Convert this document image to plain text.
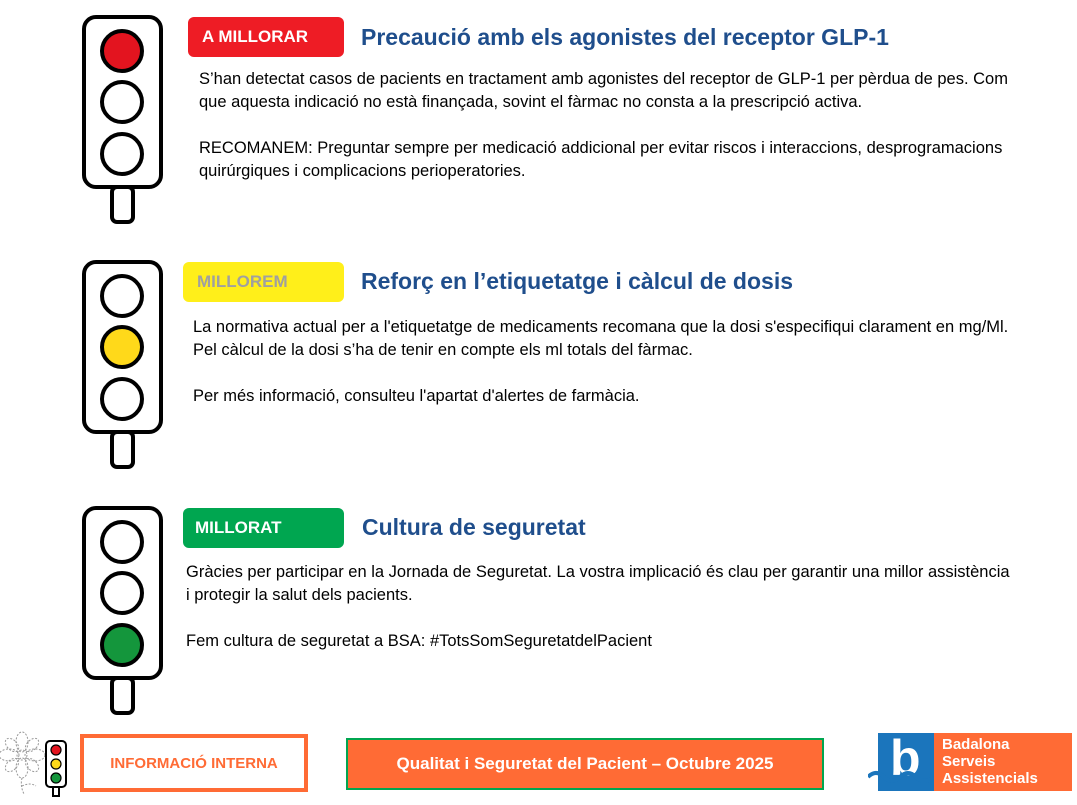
A MILLORAR	Precaució amb els agonistes del receptor GLP-1

S’han detectat casos de pacients en tractament amb agonistes del receptor de GLP-1 per pèrdua de pes. Com que aquesta indicació no està finançada, sovint el fàrmac no consta a la prescripció activa.

RECOMANEM: Preguntar sempre per medicació addicional per evitar riscos i interaccions, desprogramacions quirúrgiques i complicacions perioperatories.

MILLOREM	Reforç en l’etiquetatge i càlcul de dosis

La normativa actual per a l'etiquetatge de medicaments recomana que la dosi s'especifiqui clarament en mg/Ml. Pel càlcul de la dosi s’ha de tenir en compte els ml totals del fàrmac.

Per més informació, consulteu l'apartat d'alertes de farmàcia.

MILLORAT	Cultura de seguretat

Gràcies per participar en la Jornada de Seguretat. La vostra implicació és clau per garantir una millor assistència i protegir la salut dels pacients.

Fem cultura de seguretat a BSA: #TotsSomSeguretatdelPacient

INFORMACIÓ INTERNA	Qualitat i Seguretat del Pacient – Octubre 2025	b Badalona
Serveis
Assistencials
